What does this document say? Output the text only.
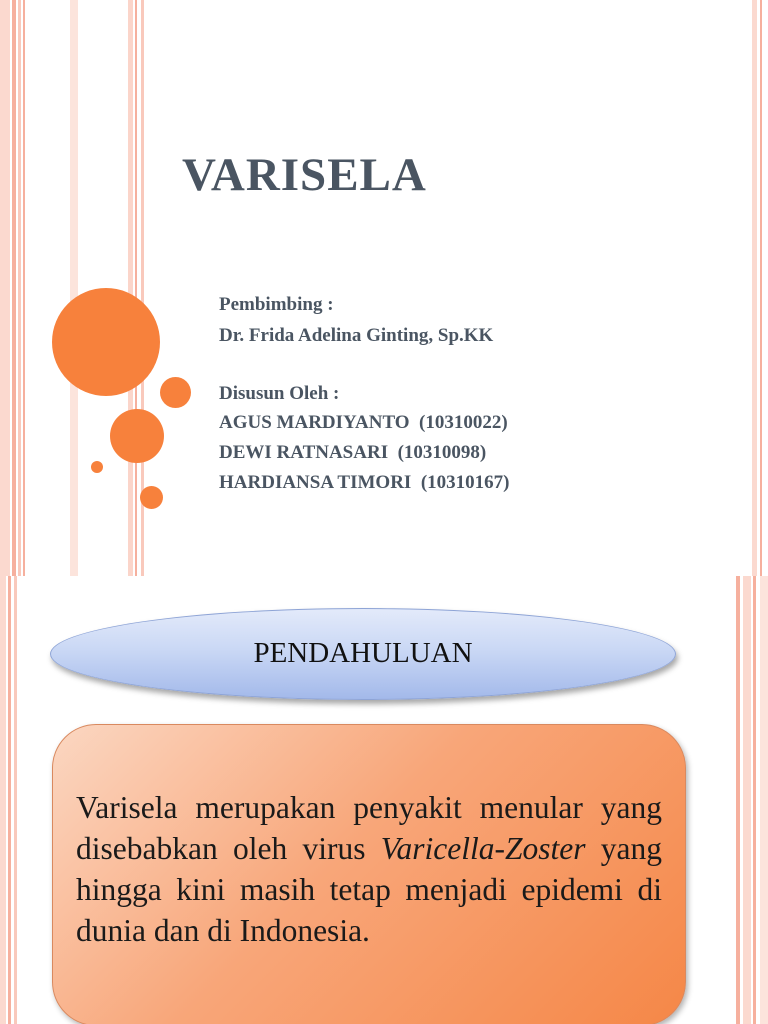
VARISELA
Pembimbing :
Dr. Frida Adelina Ginting, Sp.KK
Disusun Oleh :
AGUS MARDIYANTO  (10310022)
DEWI RATNASARI  (10310098)
HARDIANSA TIMORI  (10310167)
PENDAHULUAN
Varisela merupakan penyakit menular yang disebabkan oleh virus Varicella-Zoster yang hingga kini masih tetap menjadi epidemi di dunia dan di Indonesia.
